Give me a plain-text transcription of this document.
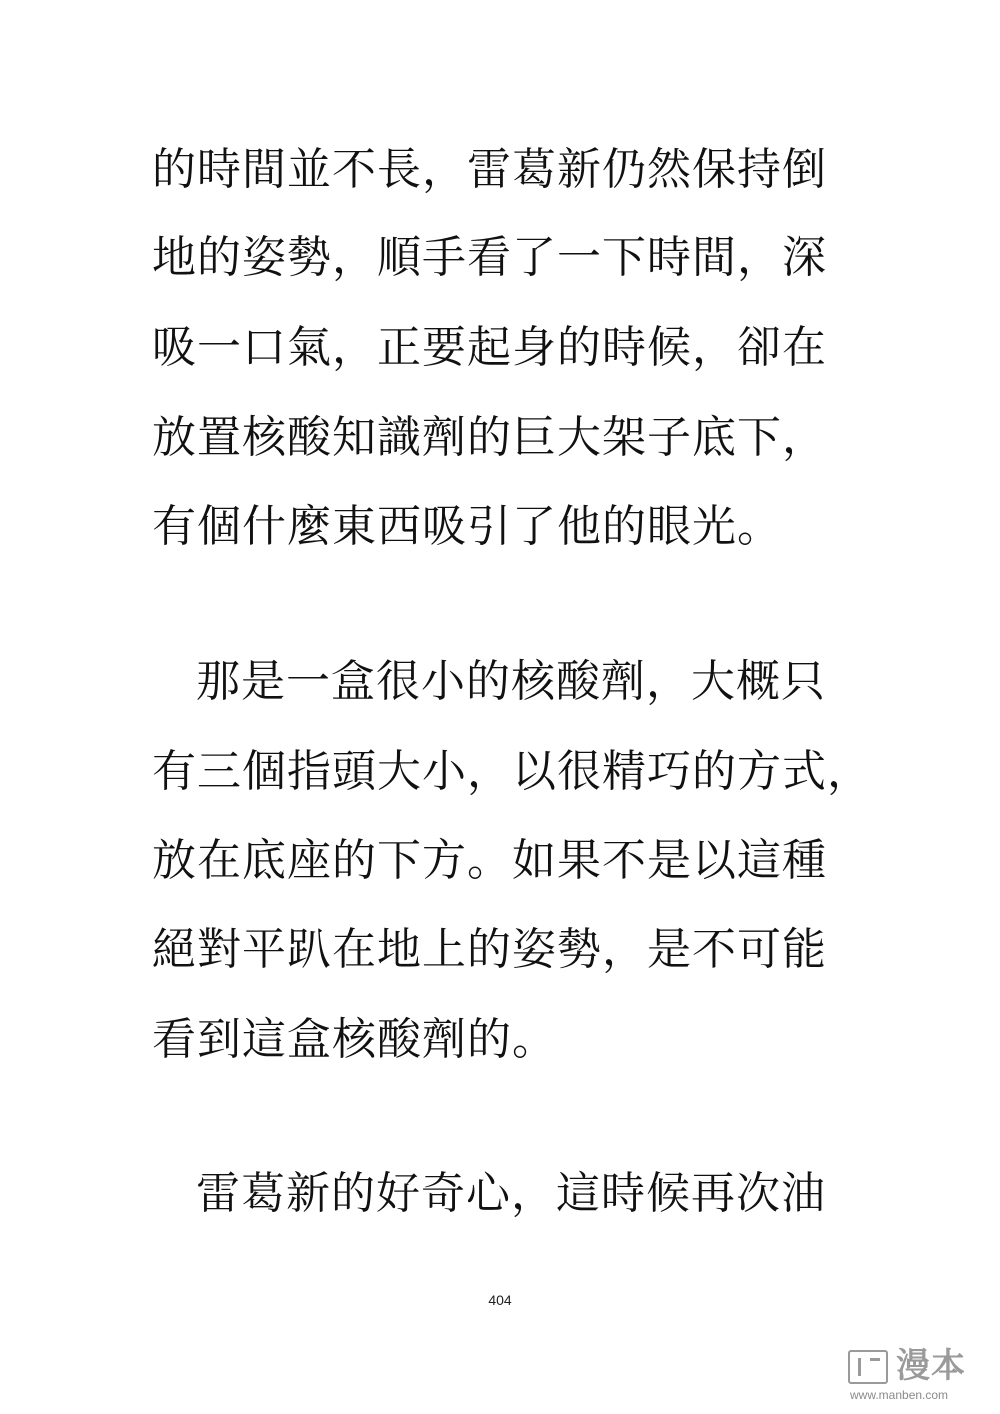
的時間並不長，雷葛新仍然保持倒
地的姿勢，順手看了一下時間，深
吸一口氣，正要起身的時候，卻在
放置核酸知識劑的巨大架子底下，
有個什麼東西吸引了他的眼光。
那是一盒很小的核酸劑，大概只
有三個指頭大小，以很精巧的方式，
放在底座的下方。如果不是以這種
絕對平趴在地上的姿勢，是不可能
看到這盒核酸劑的。
雷葛新的好奇心，這時候再次油
404
漫本
www.manben.com
